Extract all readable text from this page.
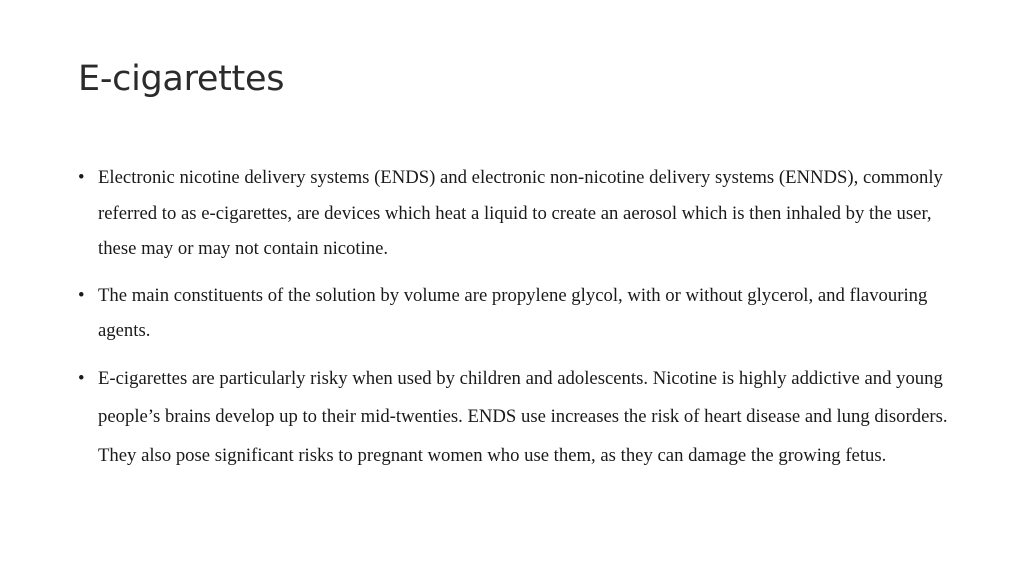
E-cigarettes
• Electronic nicotine delivery systems (ENDS) and electronic non-nicotine delivery systems (ENNDS), commonly referred to as e-cigarettes, are devices which heat a liquid to create an aerosol which is then inhaled by the user, these may or may not contain nicotine.
• The main constituents of the solution by volume are propylene glycol, with or without glycerol, and flavouring agents.
• E-cigarettes are particularly risky when used by children and adolescents. Nicotine is highly addictive and young people’s brains develop up to their mid-twenties. ENDS use increases the risk of heart disease and lung disorders. They also pose significant risks to pregnant women who use them, as they can damage the growing fetus.
